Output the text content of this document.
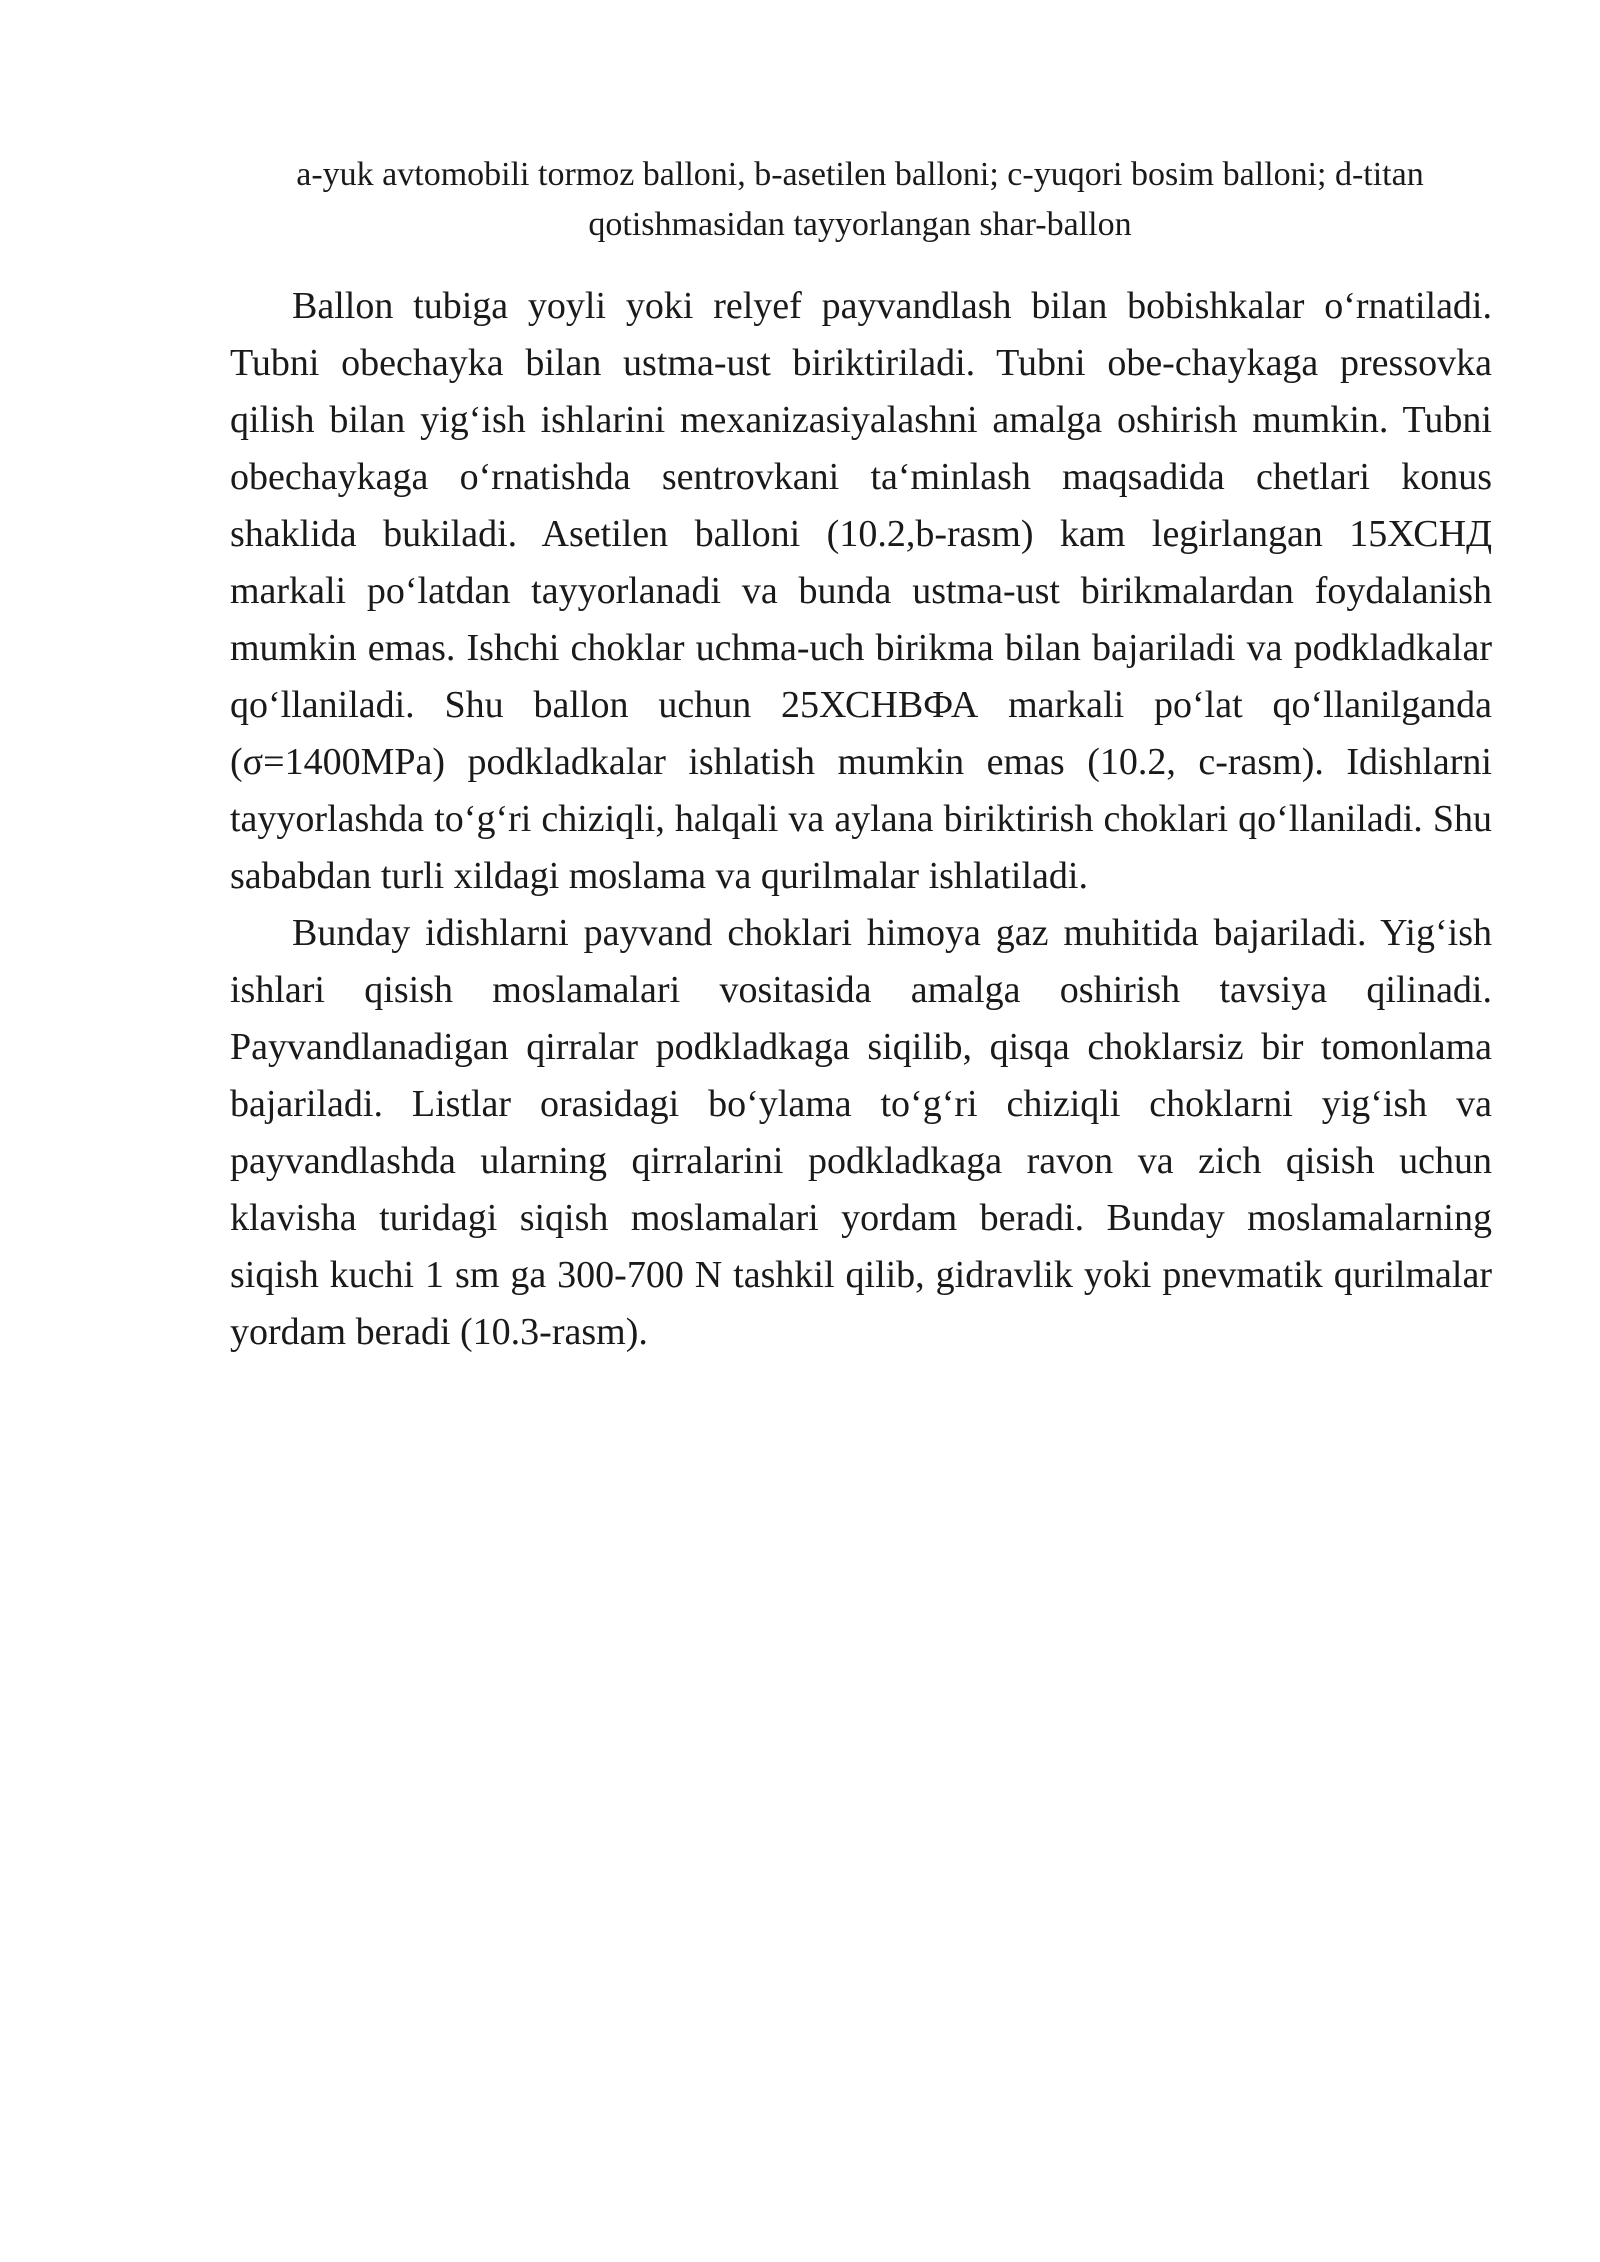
a-yuk avtomobili tormoz balloni, b-asetilen balloni; c-yuqori bosim balloni; d-titan
qotishmasidan tayyorlangan shar-ballon

Ballon tubiga yoyli yoki relyef payvandlash bilan bobishkalar o‘rnatiladi. Tubni obechayka bilan ustma-ust biriktiriladi. Tubni obe-chaykaga pressovka qilish bilan yig‘ish ishlarini mexanizasiyalashni amalga oshirish mumkin. Tubni obechaykaga o‘rnatishda sentrovkani ta‘minlash maqsadida chetlari konus shaklida bukiladi. Asetilen balloni (10.2,b-rasm) kam legirlangan 15ХСНД markali po‘latdan tayyorlanadi va bunda ustma-ust birikmalardan foydalanish mumkin emas. Ishchi choklar uchma-uch birikma bilan bajariladi va podkladkalar qo‘llaniladi. Shu ballon uchun 25ХСНВФА markali po‘lat qo‘llanilganda (σ=1400MPa) podkladkalar ishlatish mumkin emas (10.2, c-rasm). Idishlarni tayyorlashda to‘g‘ri chiziqli, halqali va aylana biriktirish choklari qo‘llaniladi. Shu sababdan turli xildagi moslama va qurilmalar ishlatiladi.

Bunday idishlarni payvand choklari himoya gaz muhitida bajariladi. Yig‘ish ishlari qisish moslamalari vositasida amalga oshirish tavsiya qilinadi. Payvandlanadigan qirralar podkladkaga siqilib, qisqa choklarsiz bir tomonlama bajariladi. Listlar orasidagi bo‘ylama to‘g‘ri chiziqli choklarni yig‘ish va payvandlashda ularning qirralarini podkladkaga ravon va zich qisish uchun klavisha turidagi siqish moslamalari yordam beradi. Bunday moslamalarning siqish kuchi 1 sm ga 300-700 N tashkil qilib, gidravlik yoki pnevmatik qurilmalar yordam beradi (10.3-rasm).
